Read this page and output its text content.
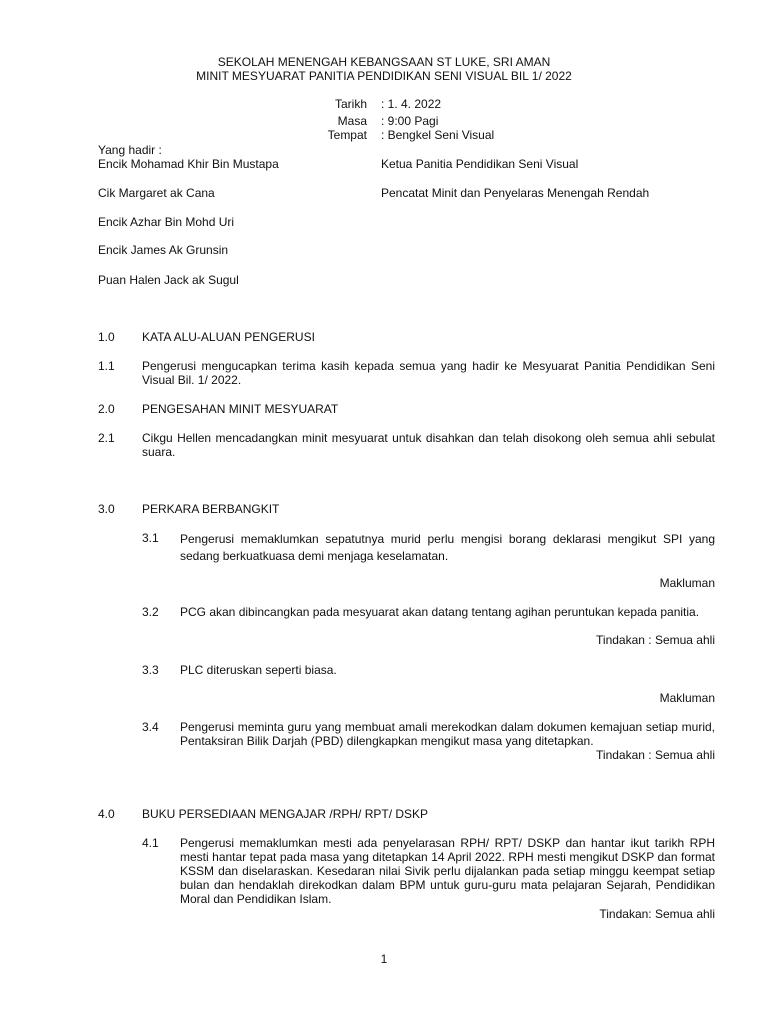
SEKOLAH MENENGAH KEBANGSAAN ST LUKE, SRI AMAN
MINIT MESYUARAT PANITIA PENDIDIKAN SENI VISUAL BIL 1/ 2022
Tarikh : 1. 4. 2022
Masa : 9:00 Pagi
Tempat : Bengkel Seni Visual
Yang hadir :
Encik Mohamad Khir Bin Mustapa	Ketua Panitia Pendidikan Seni Visual
Cik Margaret ak Cana	Pencatat Minit dan Penyelaras Menengah Rendah
Encik Azhar Bin Mohd Uri
Encik James Ak Grunsin
Puan Halen Jack ak Sugul
1.0 KATA ALU-ALUAN PENGERUSI
1.1 Pengerusi mengucapkan terima kasih kepada semua yang hadir ke Mesyuarat Panitia Pendidikan Seni Visual Bil. 1/ 2022.
2.0 PENGESAHAN MINIT MESYUARAT
2.1 Cikgu Hellen mencadangkan minit mesyuarat untuk disahkan dan telah disokong oleh semua ahli sebulat suara.
3.0 PERKARA BERBANGKIT
3.1 Pengerusi memaklumkan sepatutnya murid perlu mengisi borang deklarasi mengikut SPI yang sedang berkuatkuasa demi menjaga keselamatan.
Makluman
3.2 PCG akan dibincangkan pada mesyuarat akan datang tentang agihan peruntukan kepada panitia.
Tindakan : Semua ahli
3.3 PLC diteruskan seperti biasa.
Makluman
3.4 Pengerusi meminta guru yang membuat amali merekodkan dalam dokumen kemajuan setiap murid, Pentaksiran Bilik Darjah (PBD) dilengkapkan mengikut masa yang ditetapkan.
Tindakan : Semua ahli
4.0 BUKU PERSEDIAAN MENGAJAR /RPH/ RPT/ DSKP
4.1 Pengerusi memaklumkan mesti ada penyelarasan RPH/ RPT/ DSKP dan hantar ikut tarikh RPH mesti hantar tepat pada masa yang ditetapkan 14 April 2022. RPH mesti mengikut DSKP dan format KSSM dan diselaraskan. Kesedaran nilai Sivik perlu dijalankan pada setiap minggu keempat setiap bulan dan hendaklah direkodkan dalam BPM untuk guru-guru mata pelajaran Sejarah, Pendidikan Moral dan Pendidikan Islam.
Tindakan: Semua ahli
1
